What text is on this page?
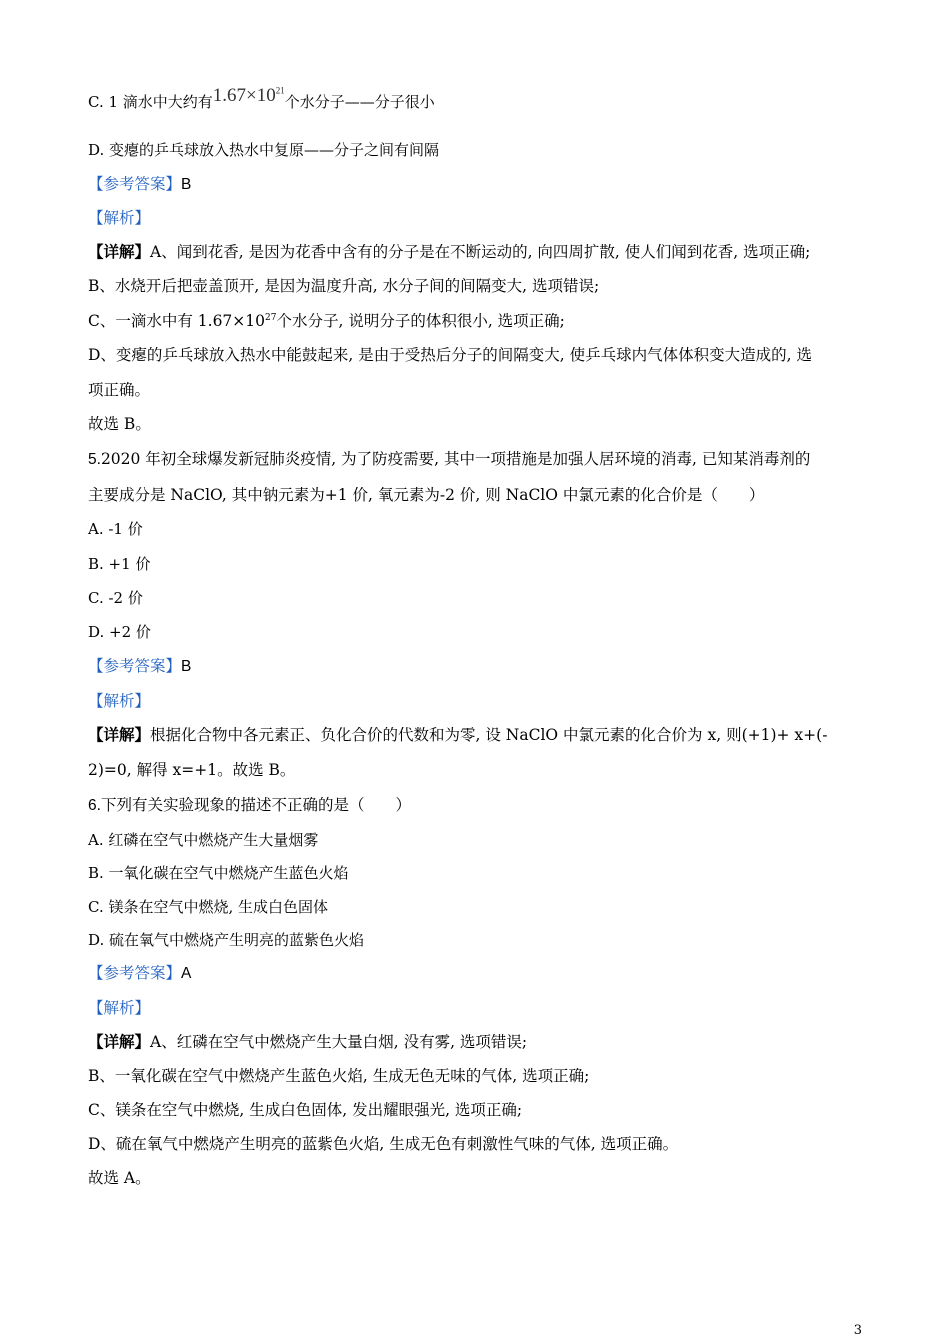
C. 1 滴水中大约有$1.67\times 10^{21}$个水分子——分子很小
D. 变瘪的乒乓球放入热水中复原——分子之间有间隔
【参考答案】B
【解析】
【详解】A、闻到花香, 是因为花香中含有的分子是在不断运动的, 向四周扩散, 使人们闻到花香, 选项正确;
B、水烧开后把壶盖顶开, 是因为温度升高, 水分子间的间隔变大, 选项错误;
C、一滴水中有 $1.67\times 10^{27}$个水分子, 说明分子的体积很小, 选项正确;
D、变瘪的乒乓球放入热水中能鼓起来, 是由于受热后分子的间隔变大, 使乒乓球内气体体积变大造成的, 选
项正确。
故选 B。
5.2020 年初全球爆发新冠肺炎疫情, 为了防疫需要, 其中一项措施是加强人居环境的消毒, 已知某消毒剂的
主要成分是 NaClO, 其中钠元素为+1 价, 氧元素为-2 价, 则 NaClO 中氯元素的化合价是（　　）
A. -1 价
B. +1 价
C. -2 价
D. +2 价
【参考答案】B
【解析】
【详解】根据化合物中各元素正、负化合价的代数和为零, 设 NaClO 中氯元素的化合价为 x, 则(+1)+ x+(-
2)=0, 解得 x=+1。故选 B。
6.下列有关实验现象的描述不正确的是（　　）
A. 红磷在空气中燃烧产生大量烟雾
B. 一氧化碳在空气中燃烧产生蓝色火焰
C. 镁条在空气中燃烧, 生成白色固体
D. 硫在氧气中燃烧产生明亮的蓝紫色火焰
【参考答案】A
【解析】
【详解】A、红磷在空气中燃烧产生大量白烟, 没有雾, 选项错误;
B、一氧化碳在空气中燃烧产生蓝色火焰, 生成无色无味的气体, 选项正确;
C、镁条在空气中燃烧, 生成白色固体, 发出耀眼强光, 选项正确;
D、硫在氧气中燃烧产生明亮的蓝紫色火焰, 生成无色有刺激性气味的气体, 选项正确。
故选 A。
3
